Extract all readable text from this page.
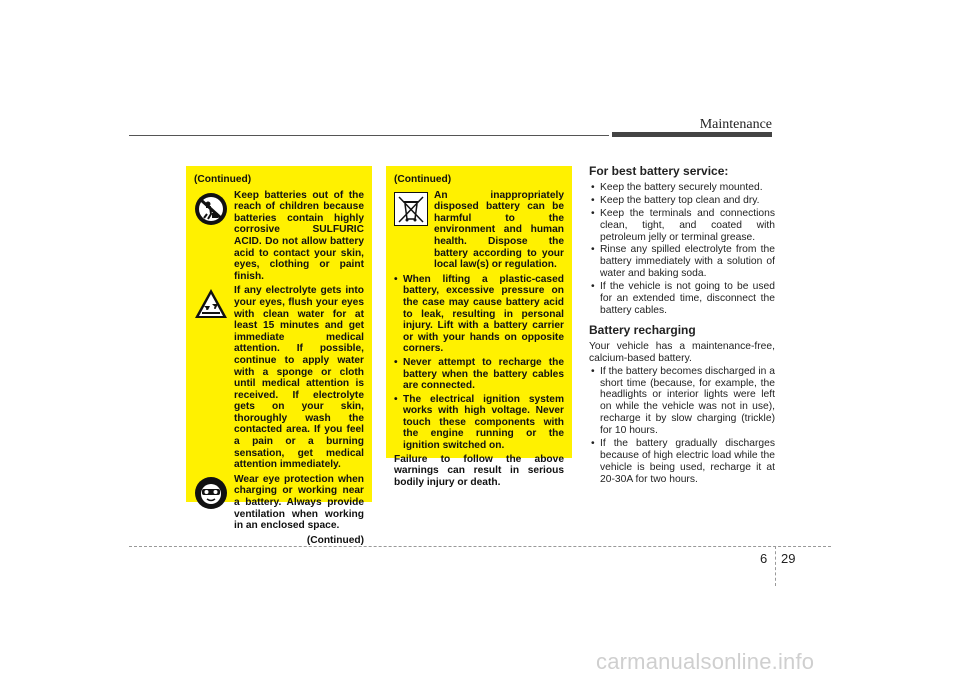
Maintenance
(Continued)
Keep batteries out of the reach of children because batteries contain highly corrosive SULFURIC ACID. Do not allow battery acid to contact your skin, eyes, clothing or paint finish.
If any electrolyte gets into your eyes, flush your eyes with clean water for at least 15 minutes and get immediate medical attention. If possible, continue to apply water with a sponge or cloth until medical attention is received. If electrolyte gets on your skin, thoroughly wash the contacted area. If you feel a pain or a burning sensation, get medical attention immediately.
Wear eye protection when charging or working near a battery. Always provide ventilation when working in an enclosed space.
(Continued)
(Continued)
An inappropriately disposed battery can be harmful to the environment and human health. Dispose the battery according to your local law(s) or regulation.
• When lifting a plastic-cased battery, excessive pressure on the case may cause battery acid to leak, resulting in personal injury. Lift with a battery carrier or with your hands on opposite corners.
• Never attempt to recharge the battery when the battery cables are connected.
• The electrical ignition system works with high voltage. Never touch these components with the engine running or the ignition switched on.
Failure to follow the above warnings can result in serious bodily injury or death.
For best battery service:
• Keep the battery securely mounted.
• Keep the battery top clean and dry.
• Keep the terminals and connections clean, tight, and coated with petroleum jelly or terminal grease.
• Rinse any spilled electrolyte from the battery immediately with a solution of water and baking soda.
• If the vehicle is not going to be used for an extended time, disconnect the battery cables.
Battery recharging

Your vehicle has a maintenance-free, calcium-based battery.

• If the battery becomes discharged in a short time (because, for example, the headlights or interior lights were left on while the vehicle was not in use), recharge it by slow charging (trickle) for 10 hours.
• If the battery gradually discharges because of high electric load while the vehicle is being used, recharge it at 20-30A for two hours.
6 29
carmanualsonline.info
